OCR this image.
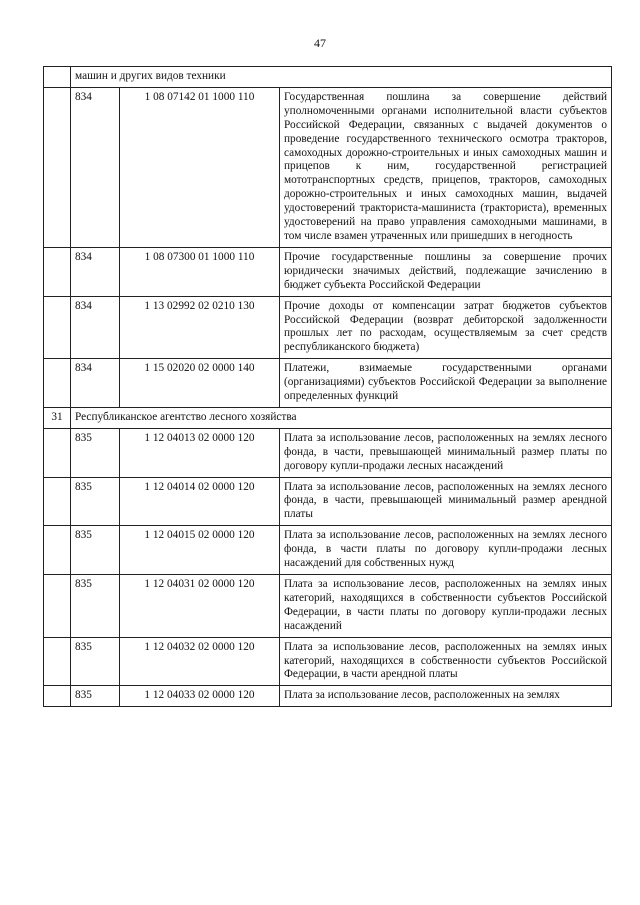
47
	машин и других видов техники		
	834	1 08 07142 01 1000 110	Государственная пошлина за совершение действий уполномоченными органами исполнительной власти субъектов Российской Федерации, связанных с выдачей документов о проведение государственного технического осмотра тракторов, самоходных дорожно-строительных и иных самоходных машин и прицепов к ним, государственной регистрацией мототранспортных средств, прицепов, тракторов, самоходных дорожно-строительных и иных самоходных машин, выдачей удостоверений тракториста-машиниста (тракториста), временных удостоверений на право управления самоходными машинами, в том числе взамен утраченных или пришедших в негодность
	834	1 08 07300 01 1000 110	Прочие государственные пошлины за совершение прочих юридически значимых действий, подлежащие зачислению в бюджет субъекта Российской Федерации
	834	1 13 02992 02 0210 130	Прочие доходы от компенсации затрат бюджетов субъектов Российской Федерации (возврат дебиторской задолженности прошлых лет по расходам, осуществляемым за счет средств республиканского бюджета)
	834	1 15 02020 02 0000 140	Платежи, взимаемые государственными органами (организациями) субъектов Российской Федерации за выполнение определенных функций
31	Республиканское агентство лесного хозяйства		
	835	1 12 04013 02 0000 120	Плата за использование лесов, расположенных на землях лесного фонда, в части, превышающей минимальный размер платы по договору купли-продажи лесных насаждений
	835	1 12 04014 02 0000 120	Плата за использование лесов, расположенных на землях лесного фонда, в части, превышающей минимальный размер арендной платы
	835	1 12 04015 02 0000 120	Плата за использование лесов, расположенных на землях лесного фонда, в части платы по договору купли-продажи лесных насаждений для собственных нужд
	835	1 12 04031 02 0000 120	Плата за использование лесов, расположенных на землях иных категорий, находящихся в собственности субъектов Российской Федерации, в части платы по договору купли-продажи лесных насаждений
	835	1 12 04032 02 0000 120	Плата за использование лесов, расположенных на землях иных категорий, находящихся в собственности субъектов Российской Федерации, в части арендной платы
	835	1 12 04033 02 0000 120	Плата за использование лесов, расположенных на землях
